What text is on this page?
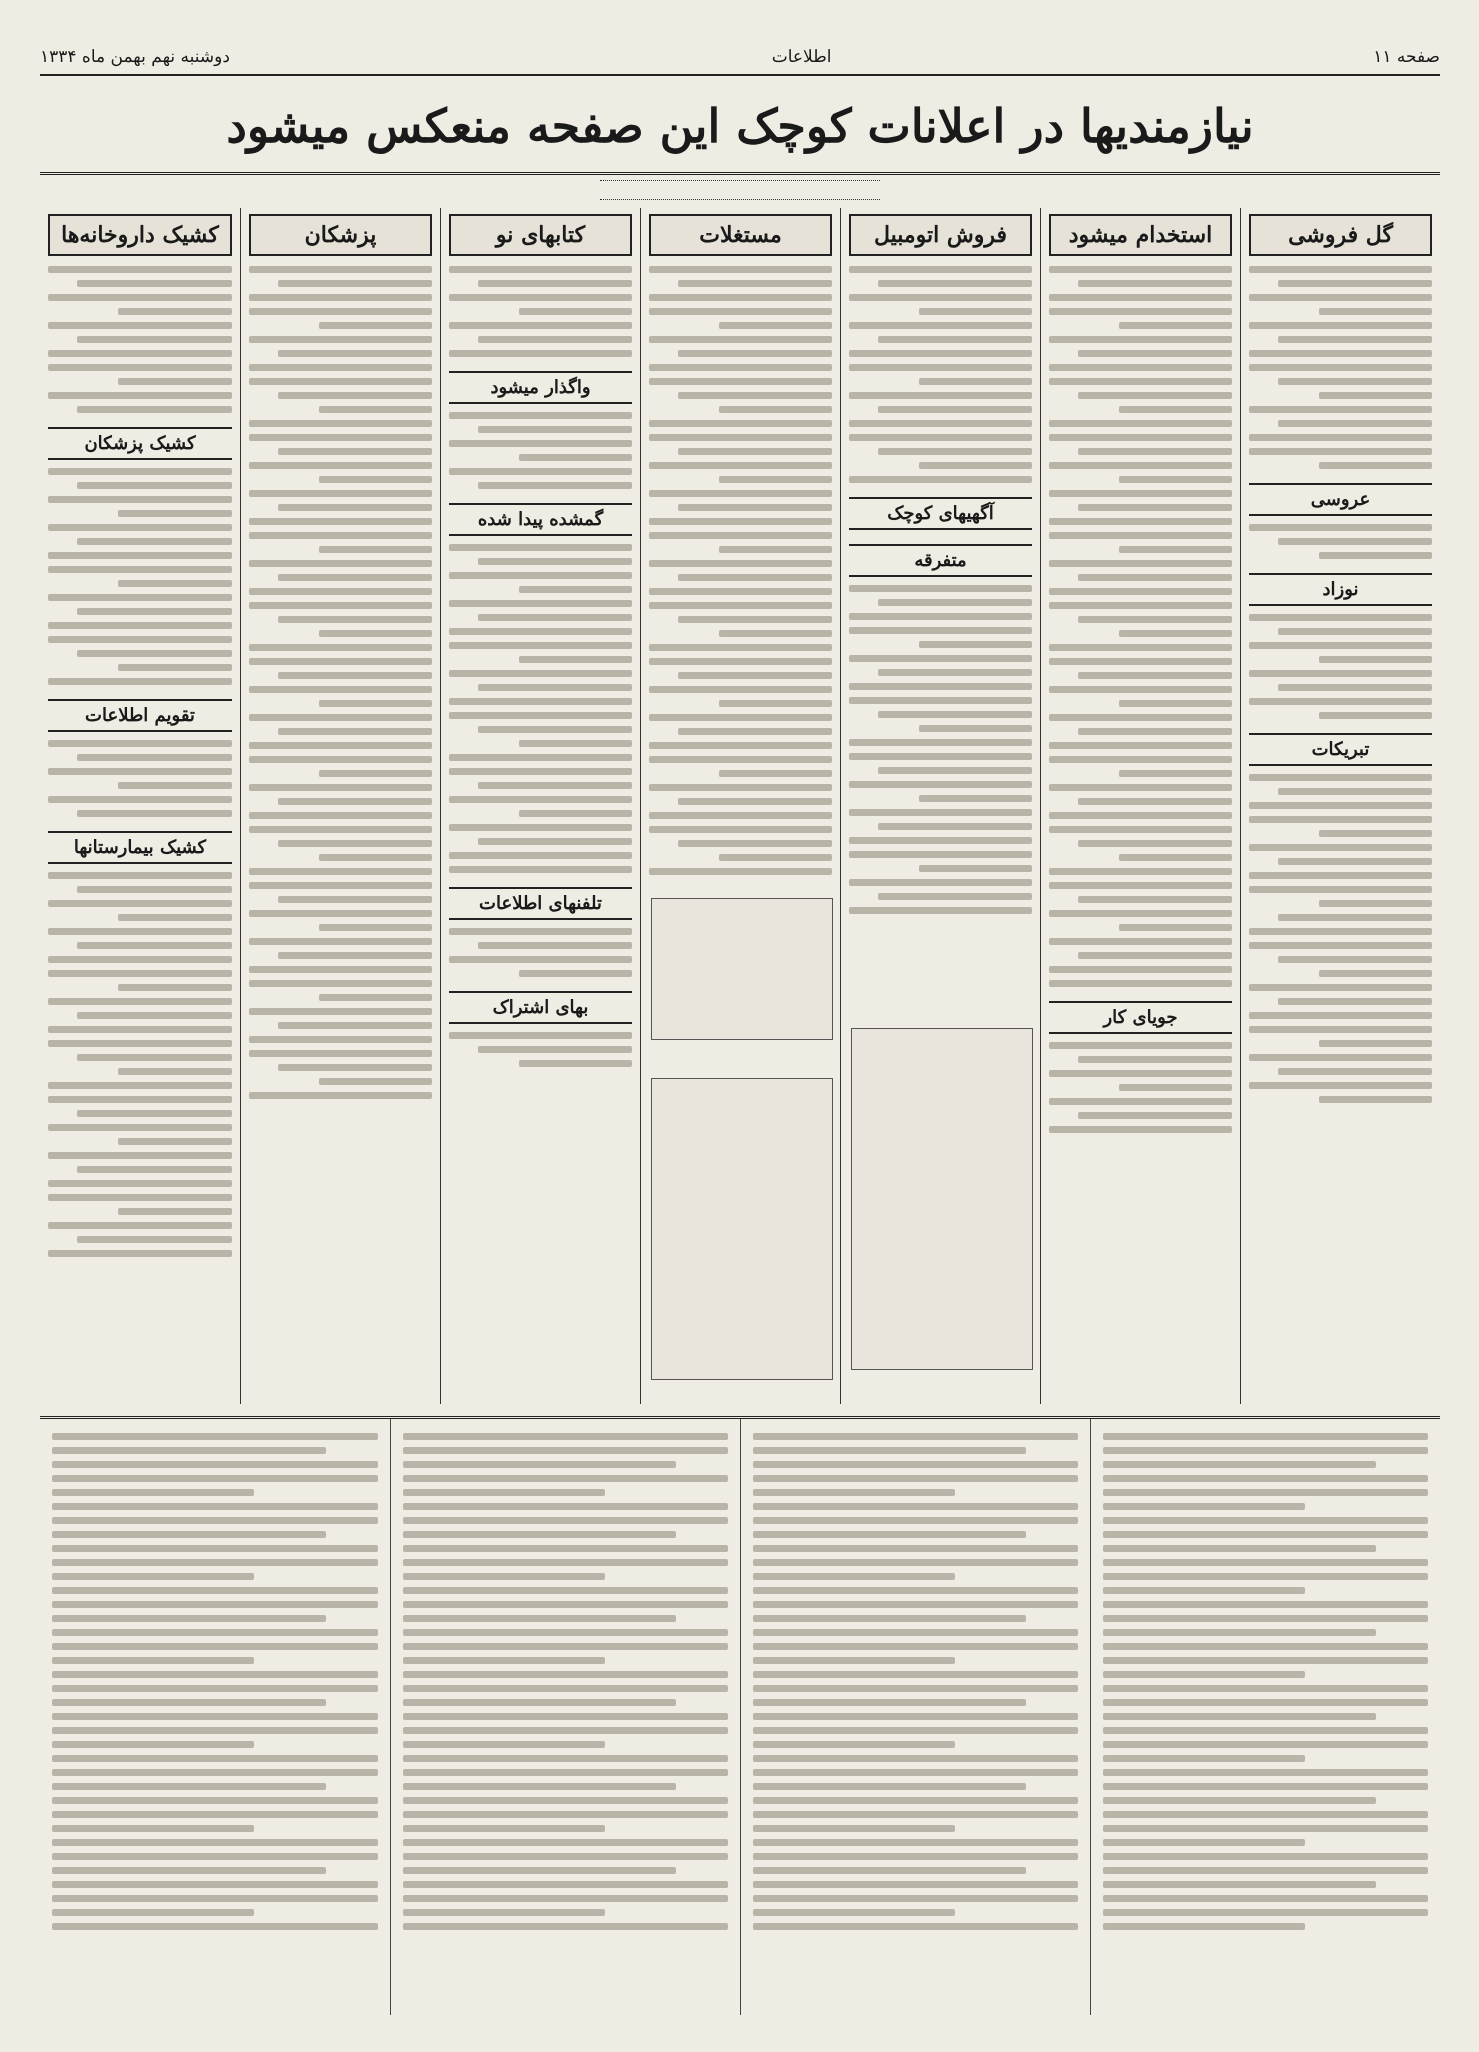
صفحه ۱۱
اطلاعات
دوشنبه نهم بهمن ماه ۱۳۳۴
نیازمندیها در اعلانات کوچک این صفحه منعکس میشود
گل فروشی
عروسی
نوزاد
تبریکات
استخدام میشود
جویای کار
فروش اتومبیل
آگهیهای کوچک
متفرقه
مستغلات
کتابهای نو
واگذار میشود
گمشده پیدا شده
تلفنهای اطلاعات
بهای اشتراک
پزشکان
کشیک داروخانه‌ها
کشیک پزشکان
تقویم اطلاعات
کشیک بیمارستانها
